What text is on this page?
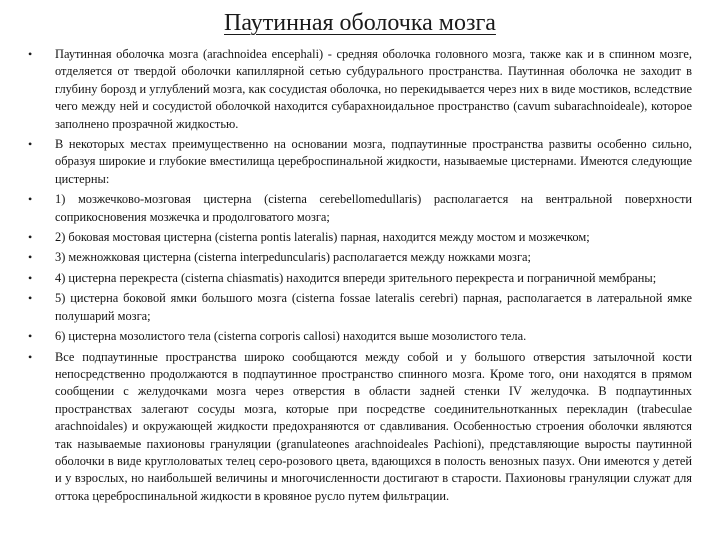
Паутинная оболочка мозга
•	Паутинная оболочка мозга (arachnoidea encephali) - средняя оболочка головного мозга, также как и в спинном мозге, отделяется от твердой оболочки капиллярной сетью субдурального пространства. Паутинная оболочка не заходит в глубину борозд и углублений мозга, как сосудистая оболочка, но перекидывается через них в виде мостиков, вследствие чего между ней и сосудистой оболочкой находится субарахноидальное пространство (cavum subarachnoideale), которое заполнено прозрачной жидкостью.
•	В некоторых местах преимущественно на основании мозга, подпаутинные пространства развиты особенно сильно, образуя широкие и глубокие вместилища цереброспинальной жидкости, называемые цистернами. Имеются следующие цистерны:
•	1) мозжечково-мозговая цистерна (cisterna cerebellomedullaris) располагается на вентральной поверхности соприкосновения мозжечка и продолговатого мозга;
•	2) боковая мостовая цистерна (cisterna pontis lateralis) парная, находится между мостом и мозжечком;
•	3) межножковая цистерна (cisterna interpeduncularis) располагается между ножками мозга;
•	4) цистерна перекреста (cisterna chiasmatis) находится впереди зрительного перекреста и пограничной мембраны;
•	5) цистерна боковой ямки большого мозга (cisterna fossae lateralis cerebri) парная, располагается в латеральной ямке полушарий мозга;
•	6) цистерна мозолистого тела (cisterna corporis callosi) находится выше мозолистого тела.
•	Все подпаутинные пространства широко сообщаются между собой и у большого отверстия затылочной кости непосредственно продолжаются в подпаутинное пространство спинного мозга. Кроме того, они находятся в прямом сообщении с желудочками мозга через отверстия в области задней стенки IV желудочка. В подпаутинных пространствах залегают сосуды мозга, которые при посредстве соединительнотканных перекладин (trabeculae arachnoidales) и окружающей жидкости предохраняются от сдавливания. Особенностью строения оболочки являются так называемые пахионовы грануляции (granulateones arachnoideales Pachioni), представляющие выросты паутинной оболочки в виде круглоловатых телец серо-розового цвета, вдающихся в полость венозных пазух. Они имеются у детей и у взрослых, но наибольшей величины и многочисленности достигают в старости. Пахионовы грануляции служат для оттока цереброспинальной жидкости в кровяное русло путем фильтрации.
